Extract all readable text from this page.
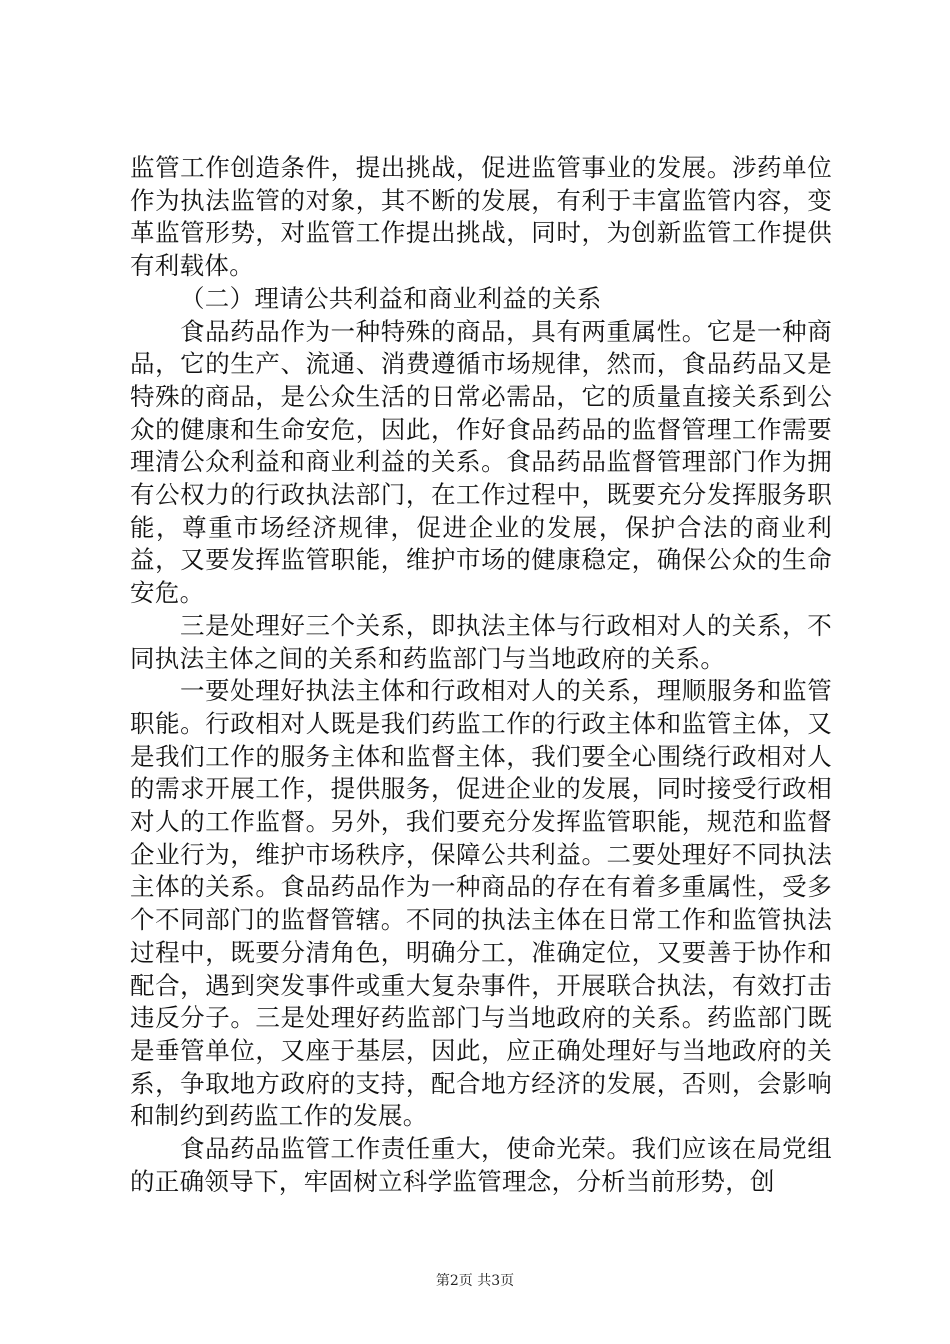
监管工作创造条件，提出挑战，促进监管事业的发展。涉药单位作为执法监管的对象，其不断的发展，有利于丰富监管内容，变革监管形势，对监管工作提出挑战，同时，为创新监管工作提供有利载体。

（二）理请公共利益和商业利益的关系

食品药品作为一种特殊的商品，具有两重属性。它是一种商品，它的生产、流通、消费遵循市场规律，然而，食品药品又是特殊的商品，是公众生活的日常必需品，它的质量直接关系到公众的健康和生命安危，因此，作好食品药品的监督管理工作需要理清公众利益和商业利益的关系。食品药品监督管理部门作为拥有公权力的行政执法部门，在工作过程中，既要充分发挥服务职能，尊重市场经济规律，促进企业的发展，保护合法的商业利益，又要发挥监管职能，维护市场的健康稳定，确保公众的生命安危。

三是处理好三个关系，即执法主体与行政相对人的关系，不同执法主体之间的关系和药监部门与当地政府的关系。

一要处理好执法主体和行政相对人的关系，理顺服务和监管职能。行政相对人既是我们药监工作的行政主体和监管主体，又是我们工作的服务主体和监督主体，我们要全心围绕行政相对人的需求开展工作，提供服务，促进企业的发展，同时接受行政相对人的工作监督。另外，我们要充分发挥监管职能，规范和监督企业行为，维护市场秩序，保障公共利益。二要处理好不同执法主体的关系。食品药品作为一种商品的存在有着多重属性，受多个不同部门的监督管辖。不同的执法主体在日常工作和监管执法过程中，既要分清角色，明确分工，准确定位，又要善于协作和配合，遇到突发事件或重大复杂事件，开展联合执法，有效打击违反分子。三是处理好药监部门与当地政府的关系。药监部门既是垂管单位，又座于基层，因此，应正确处理好与当地政府的关系，争取地方政府的支持，配合地方经济的发展，否则，会影响和制约到药监工作的发展。

食品药品监管工作责任重大，使命光荣。我们应该在局党组的正确领导下，牢固树立科学监管理念，分析当前形势，创

第2页 共3页
